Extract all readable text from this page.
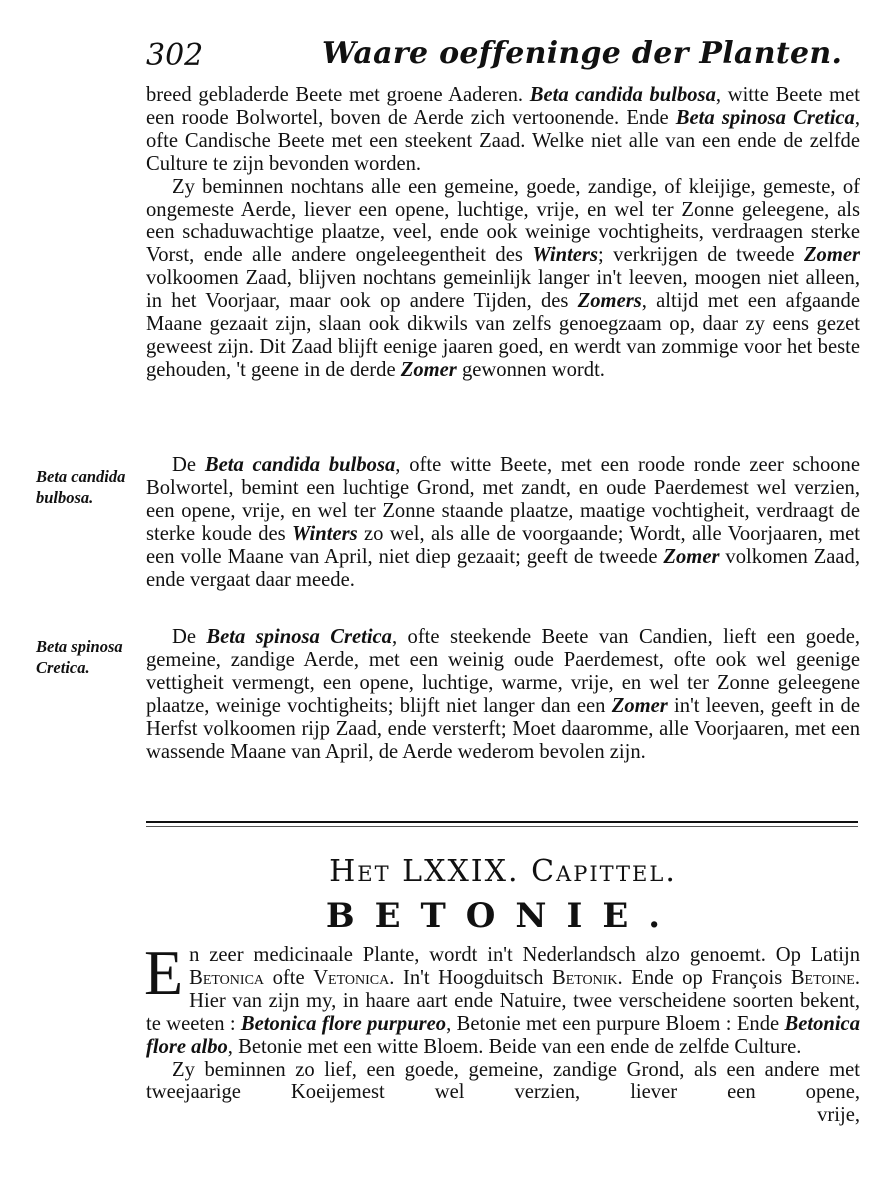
302	Waare oeffeninge der Planten.

breed gebladerde Beete met groene Aaderen. Beta candida bulbosa, witte Beete met een roode Bolwortel, boven de Aerde zich vertoonende. Ende Beta spinosa Cretica, ofte Candische Beete met een steekent Zaad. Welke niet alle van een ende de zelfde Culture te zijn bevonden worden.

Zy beminnen nochtans alle een gemeine, goede, zandige, of kleijige, gemeste, of ongemeste Aerde, liever een opene, luchtige, vrije, en wel ter Zonne geleegene, als een schaduwachtige plaatze, veel, ende ook weinige vochtigheits, verdraagen sterke Vorst, ende alle andere ongeleegentheit des Winters; verkrijgen de tweede Zomer volkoomen Zaad, blijven nochtans gemeinlijk langer in't leeven, moogen niet alleen, in het Voorjaar, maar ook op andere Tijden, des Zomers, altijd met een afgaande Maane gezaait zijn, slaan ook dikwils van zelfs genoegzaam op, daar zy eens gezet geweest zijn. Dit Zaad blijft eenige jaaren goed, en werdt van zommige voor het beste gehouden, 't geene in de derde Zomer gewonnen wordt.

Beta candida bulbosa.

De Beta candida bulbosa, ofte witte Beete, met een roode ronde zeer schoone Bolwortel, bemint een luchtige Grond, met zandt, en oude Paerdemest wel verzien, een opene, vrije, en wel ter Zonne staande plaatze, maatige vochtigheit, verdraagt de sterke koude des Winters zo wel, als alle de voorgaande; Wordt, alle Voorjaaren, met een volle Maane van April, niet diep gezaait; geeft de tweede Zomer volkomen Zaad, ende vergaat daar meede.

Beta spinosa Cretica.

De Beta spinosa Cretica, ofte steekende Beete van Candien, lieft een goede, gemeine, zandige Aerde, met een weinig oude Paerdemest, ofte ook wel geenige vettigheit vermengt, een opene, luchtige, warme, vrije, en wel ter Zonne geleegene plaatze, weinige vochtigheits; blijft niet langer dan een Zomer in't leeven, geeft in de Herfst volkoomen rijp Zaad, ende versterft; Moet daaromme, alle Voorjaaren, met een wassende Maane van April, de Aerde wederom bevolen zijn.

Het LXXIX. Capittel.
BETONIE.

En zeer medicinaale Plante, wordt in't Nederlandsch alzo genoemt. Op Latijn Betonica ofte Vetonica. In't Hoogduitsch Betonik. Ende op François Betoine. Hier van zijn my, in haare aart ende Natuire, twee verscheidene soorten bekent, te weeten : Betonica flore purpureo, Betonie met een purpure Bloem : Ende Betonica flore albo, Betonie met een witte Bloem. Beide van een ende de zelfde Culture.

Zy beminnen zo lief, een goede, gemeine, zandige Grond, als een andere met tweejaarige Koeijemest wel verzien, liever een opene,

vrije,
